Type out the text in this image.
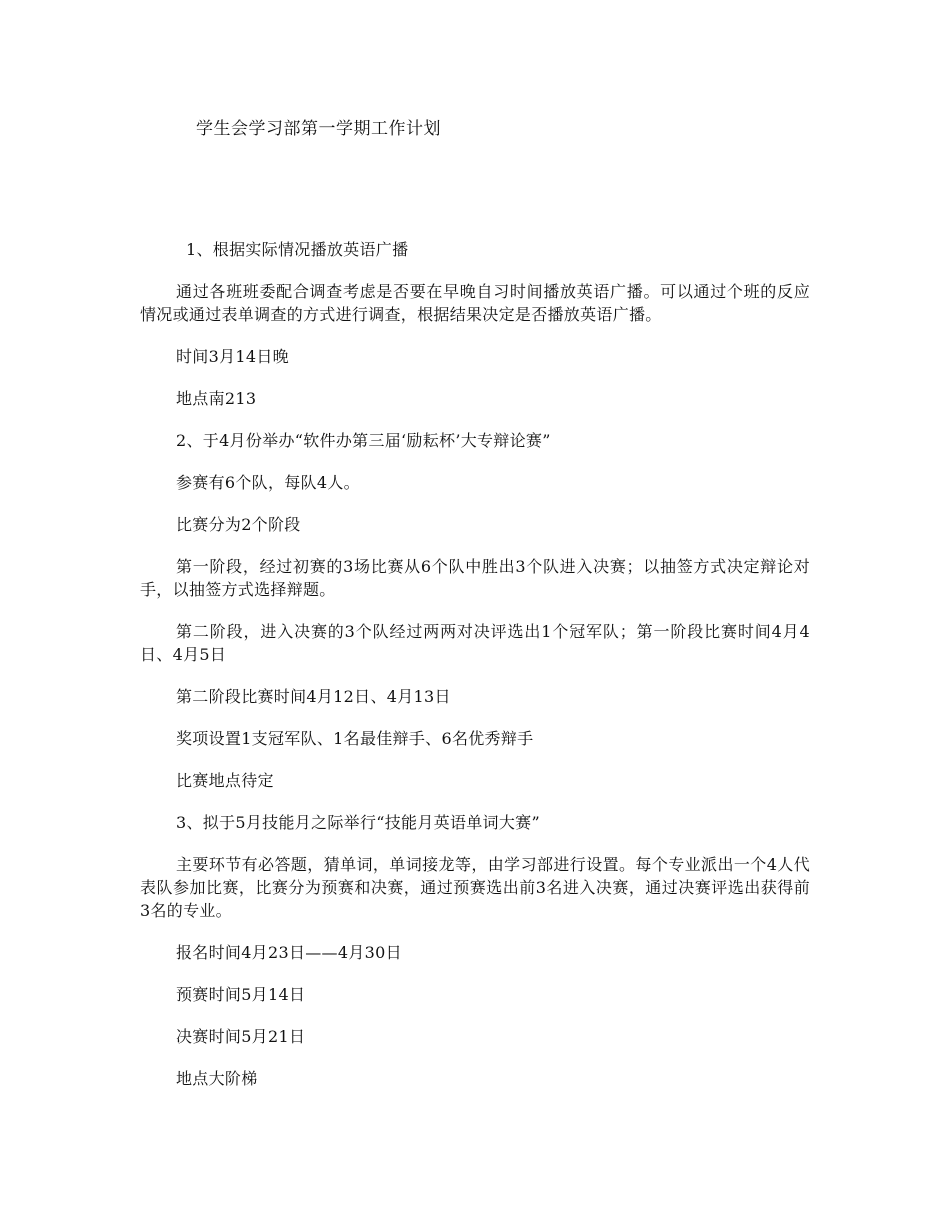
学生会学习部第一学期工作计划

1、根据实际情况播放英语广播

通过各班班委配合调查考虑是否要在早晚自习时间播放英语广播。可以通过个班的反应情况或通过表单调查的方式进行调查，根据结果决定是否播放英语广播。

时间3月14日晚

地点南213

2、于4月份举办“软件办第三届‘励耘杯’大专辩论赛”

参赛有6个队，每队4人。

比赛分为2个阶段

第一阶段，经过初赛的3场比赛从6个队中胜出3个队进入决赛；以抽签方式决定辩论对手，以抽签方式选择辩题。

第二阶段，进入决赛的3个队经过两两对决评选出1个冠军队；第一阶段比赛时间4月4日、4月5日

第二阶段比赛时间4月12日、4月13日

奖项设置1支冠军队、1名最佳辩手、6名优秀辩手

比赛地点待定

3、拟于5月技能月之际举行“技能月英语单词大赛”

主要环节有必答题，猜单词，单词接龙等，由学习部进行设置。每个专业派出一个4人代表队参加比赛，比赛分为预赛和决赛，通过预赛选出前3名进入决赛，通过决赛评选出获得前3名的专业。

报名时间4月23日——4月30日

预赛时间5月14日

决赛时间5月21日

地点大阶梯
